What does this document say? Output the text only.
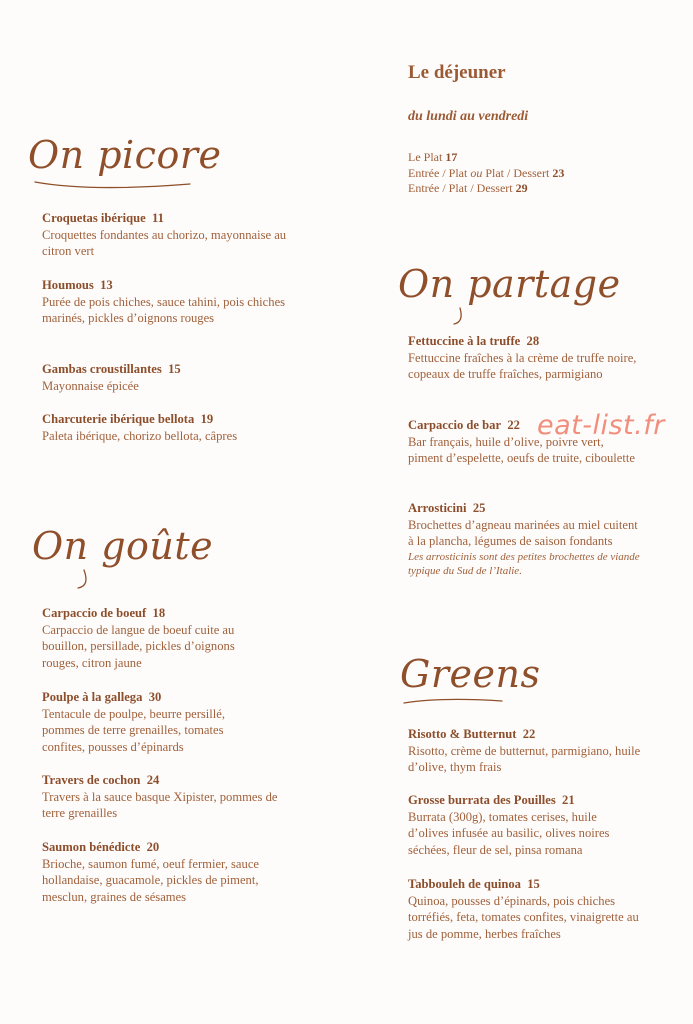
Le déjeuner
du lundi au vendredi
Le Plat 17
Entrée / Plat ou Plat / Dessert 23
Entrée / Plat / Dessert 29
On picore
On goûte
On partage
Greens
Croquetas ibérique 11
Croquettes fondantes au chorizo, mayonnaise au citron vert
Houmous 13
Purée de pois chiches, sauce tahini, pois chiches marinés, pickles d’oignons rouges
Gambas croustillantes 15
Mayonnaise épicée
Charcuterie ibérique bellota 19
Paleta ibérique, chorizo bellota, câpres
Carpaccio de boeuf 18
Carpaccio de langue de boeuf cuite au bouillon, persillade, pickles d’oignons rouges, citron jaune
Poulpe à la gallega 30
Tentacule de poulpe, beurre persillé, pommes de terre grenailles, tomates confites, pousses d’épinards
Travers de cochon 24
Travers à la sauce basque Xipister, pommes de terre grenailles
Saumon bénédicte 20
Brioche, saumon fumé, oeuf fermier, sauce hollandaise, guacamole, pickles de piment, mesclun, graines de sésames
Fettuccine à la truffe 28
Fettuccine fraîches à la crème de truffe noire, copeaux de truffe fraîches, parmigiano
Carpaccio de bar 22
Bar français, huile d’olive, poivre vert, piment d’espelette, oeufs de truite, ciboulette
Arrosticini 25
Brochettes d’agneau marinées au miel cuitent à la plancha, légumes de saison fondants
Les arrosticinis sont des petites brochettes de viande typique du Sud de l’Italie.
Risotto & Butternut 22
Risotto, crème de butternut, parmigiano, huile d’olive, thym frais
Grosse burrata des Pouilles 21
Burrata (300g), tomates cerises, huile d’olives infusée au basilic, olives noires séchées, fleur de sel, pinsa romana
Tabbouleh de quinoa 15
Quinoa, pousses d’épinards, pois chiches torréfiés, feta, tomates confites, vinaigrette au jus de pomme, herbes fraîches
eat-list.fr
